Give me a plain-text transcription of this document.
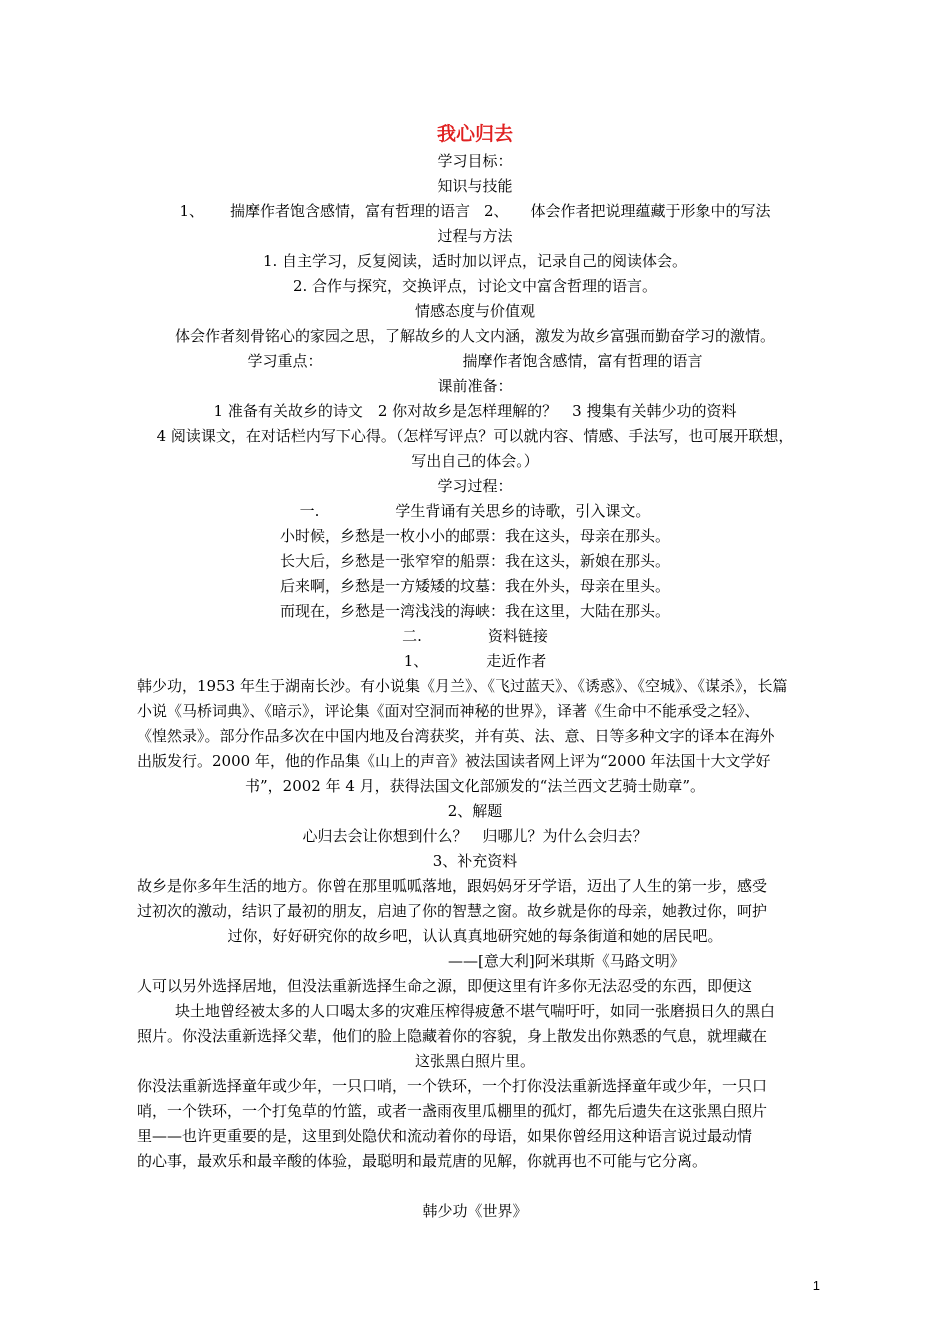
我心归去
学习目标：
知识与技能
1、 揣摩作者饱含感情，富有哲理的语言 2、 体会作者把说理蕴藏于形象中的写法
过程与方法
1. 自主学习，反复阅读，适时加以评点，记录自己的阅读体会。
2. 合作与探究，交换评点，讨论文中富含哲理的语言。
情感态度与价值观
体会作者刻骨铭心的家园之思，了解故乡的人文内涵，激发为故乡富强而勤奋学习的激情。
学习重点：	揣摩作者饱含感情，富有哲理的语言
课前准备：
1 准备有关故乡的诗文　2 你对故乡是怎样理解的？　3 搜集有关韩少功的资料
4 阅读课文，在对话栏内写下心得。（怎样写评点？可以就内容、情感、手法写，也可展开联想，
写出自己的体会。）
学习过程：
一.	学生背诵有关思乡的诗歌，引入课文。
小时候，乡愁是一枚小小的邮票：我在这头，母亲在那头。
长大后，乡愁是一张窄窄的船票：我在这头，新娘在那头。
后来啊，乡愁是一方矮矮的坟墓：我在外头，母亲在里头。
而现在，乡愁是一湾浅浅的海峡：我在这里，大陆在那头。
二.	资料链接
1、	走近作者
韩少功，1953 年生于湖南长沙。有小说集《月兰》、《飞过蓝天》、《诱惑》、《空城》、《谋杀》，长篇
小说《马桥词典》、《暗示》，评论集《面对空洞而神秘的世界》，译著《生命中不能承受之轻》、
《惶然录》。部分作品多次在中国内地及台湾获奖，并有英、法、意、日等多种文字的译本在海外
出版发行。2000 年，他的作品集《山上的声音》被法国读者网上评为“2000 年法国十大文学好
书”，2002 年 4 月，获得法国文化部颁发的“法兰西文艺骑士勋章”。
2、解题
心归去会让你想到什么？　归哪儿？为什么会归去？
3、补充资料
故乡是你多年生活的地方。你曾在那里呱呱落地，跟妈妈牙牙学语，迈出了人生的第一步，感受
过初次的激动，结识了最初的朋友，启迪了你的智慧之窗。故乡就是你的母亲，她教过你，呵护
过你，好好研究你的故乡吧，认认真真地研究她的每条街道和她的居民吧。
——[意大利]阿米琪斯《马路文明》
人可以另外选择居地，但没法重新选择生命之源，即便这里有许多你无法忍受的东西，即便这
块土地曾经被太多的人口喝太多的灾难压榨得疲惫不堪气喘吁吁，如同一张磨损日久的黑白
照片。你没法重新选择父辈，他们的脸上隐藏着你的容貌，身上散发出你熟悉的气息，就埋藏在
这张黑白照片里。
你没法重新选择童年或少年，一只口哨，一个铁环，一个打你没法重新选择童年或少年，一只口
哨，一个铁环，一个打兔草的竹篮，或者一盏雨夜里瓜棚里的孤灯，都先后遗失在这张黑白照片
里——也许更重要的是，这里到处隐伏和流动着你的母语，如果你曾经用这种语言说过最动情
的心事，最欢乐和最辛酸的体验，最聪明和最荒唐的见解，你就再也不可能与它分离。
韩少功《世界》
1
